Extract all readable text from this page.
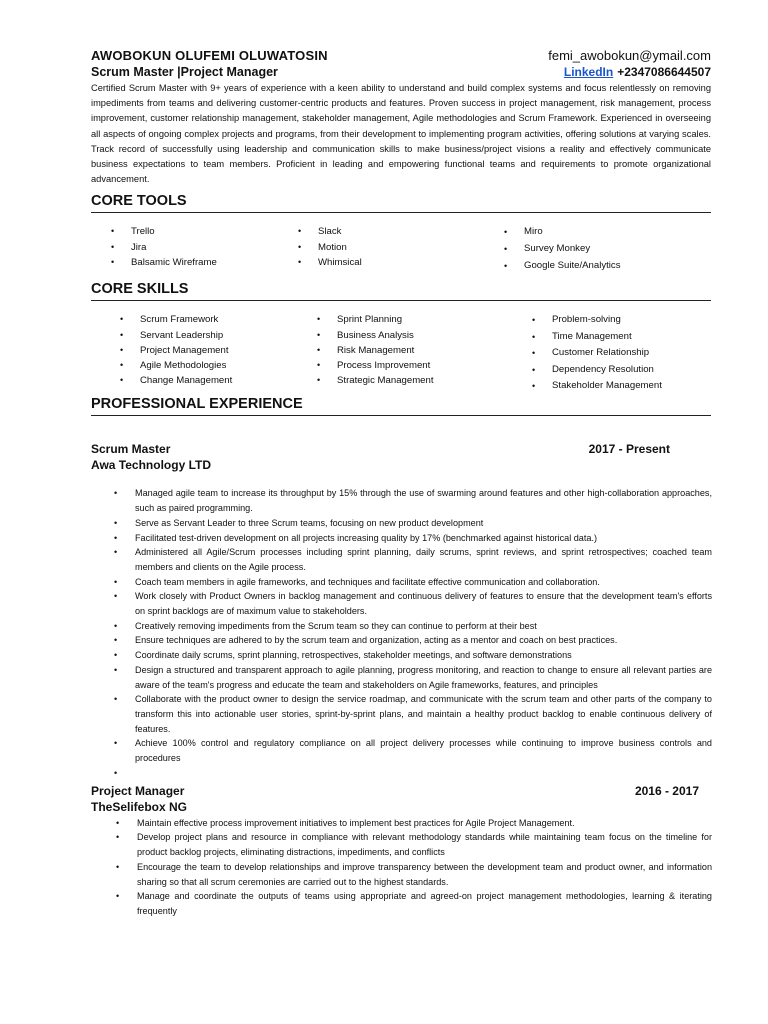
AWOBOKUN OLUFEMI OLUWATOSIN	femi_awobokun@ymail.com
Scrum Master |Project Manager	LinkedIn +2347086644507
Certified Scrum Master with 9+ years of experience with a keen ability to understand and build complex systems and focus relentlessly on removing impediments from teams and delivering customer-centric products and features. Proven success in project management, risk management, process improvement, customer relationship management, stakeholder management, Agile methodologies and Scrum Framework. Experienced in overseeing all aspects of ongoing complex projects and programs, from their development to implementing program activities, offering solutions at varying scales. Track record of successfully using leadership and communication skills to make business/project visions a reality and effectively communicate business expectations to team members. Proficient in leading and empowering functional teams and requirements to promote organizational advancement.
CORE TOOLS
• Trello
• Jira
• Balsamic Wireframe
• Slack
• Motion
• Whimsical
• Miro
• Survey Monkey
• Google Suite/Analytics
CORE SKILLS
• Scrum Framework
• Servant Leadership
• Project Management
• Agile Methodologies
• Change Management
• Sprint Planning
• Business Analysis
• Risk Management
• Process Improvement
• Strategic Management
• Problem-solving
• Time Management
• Customer Relationship
• Dependency Resolution
• Stakeholder Management
PROFESSIONAL EXPERIENCE
Scrum Master	2017 - Present
Awa Technology LTD
• Managed agile team to increase its throughput by 15% through the use of swarming around features and other high-collaboration approaches, such as paired programming.
• Serve as Servant Leader to three Scrum teams, focusing on new product development
• Facilitated test-driven development on all projects increasing quality by 17% (benchmarked against historical data.)
• Administered all Agile/Scrum processes including sprint planning, daily scrums, sprint reviews, and sprint retrospectives; coached team members and clients on the Agile process.
• Coach team members in agile frameworks, and techniques and facilitate effective communication and collaboration.
• Work closely with Product Owners in backlog management and continuous delivery of features to ensure that the development team's efforts on sprint backlogs are of maximum value to stakeholders.
• Creatively removing impediments from the Scrum team so they can continue to perform at their best
• Ensure techniques are adhered to by the scrum team and organization, acting as a mentor and coach on best practices.
• Coordinate daily scrums, sprint planning, retrospectives, stakeholder meetings, and software demonstrations
• Design a structured and transparent approach to agile planning, progress monitoring, and reaction to change to ensure all relevant parties are aware of the team's progress and educate the team and stakeholders on Agile frameworks, features, and principles
• Collaborate with the product owner to design the service roadmap, and communicate with the scrum team and other parts of the company to transform this into actionable user stories, sprint-by-sprint plans, and maintain a healthy product backlog to enable continuous delivery of features.
• Achieve 100% control and regulatory compliance on all project delivery processes while continuing to improve business controls and procedures
•
Project Manager	2016 - 2017
TheSelifebox NG
• Maintain effective process improvement initiatives to implement best practices for Agile Project Management.
• Develop project plans and resource in compliance with relevant methodology standards while maintaining team focus on the timeline for product backlog projects, eliminating distractions, impediments, and conflicts
• Encourage the team to develop relationships and improve transparency between the development team and product owner, and information sharing so that all scrum ceremonies are carried out to the highest standards.
• Manage and coordinate the outputs of teams using appropriate and agreed-on project management methodologies, learning & iterating frequently
